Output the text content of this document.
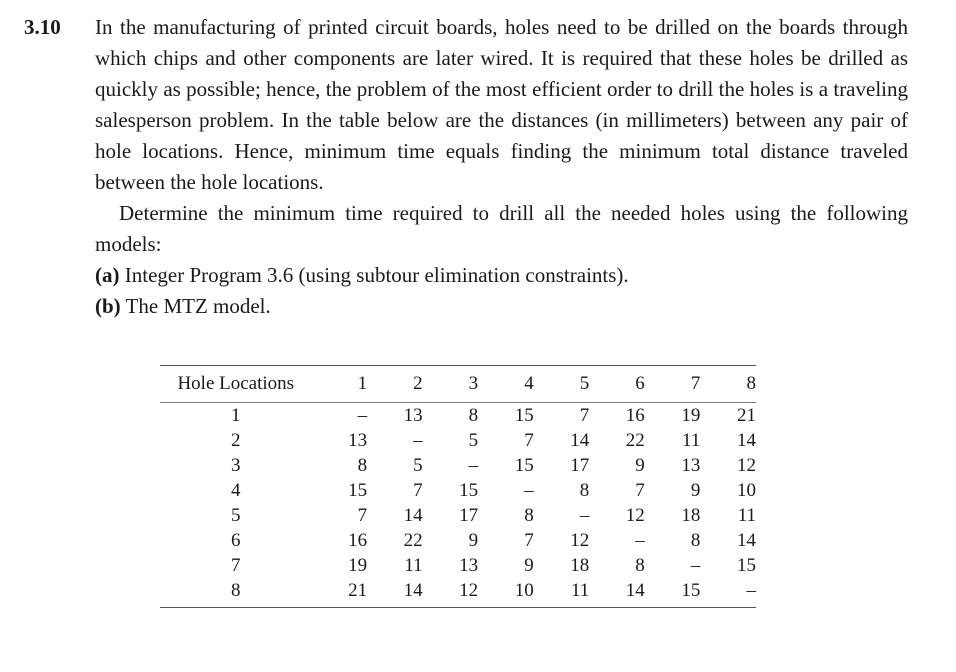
3.10 In the manufacturing of printed circuit boards, holes need to be drilled on the boards through which chips and other components are later wired. It is required that these holes be drilled as quickly as possible; hence, the problem of the most efficient order to drill the holes is a traveling salesperson problem. In the table below are the distances (in millimeters) between any pair of hole locations. Hence, minimum time equals finding the minimum total distance traveled between the hole locations.

Determine the minimum time required to drill all the needed holes using the following models:

(a) Integer Program 3.6 (using subtour elimination constraints).
(b) The MTZ model.
Hole Locations	1	2	3	4	5	6	7	8

1	–	13	8	15	7	16	19	21
2	13	–	5	7	14	22	11	14
3	8	5	–	15	17	9	13	12
4	15	7	15	–	8	7	9	10
5	7	14	17	8	–	12	18	11
6	16	22	9	7	12	–	8	14
7	19	11	13	9	18	8	–	15
8	21	14	12	10	11	14	15	–
